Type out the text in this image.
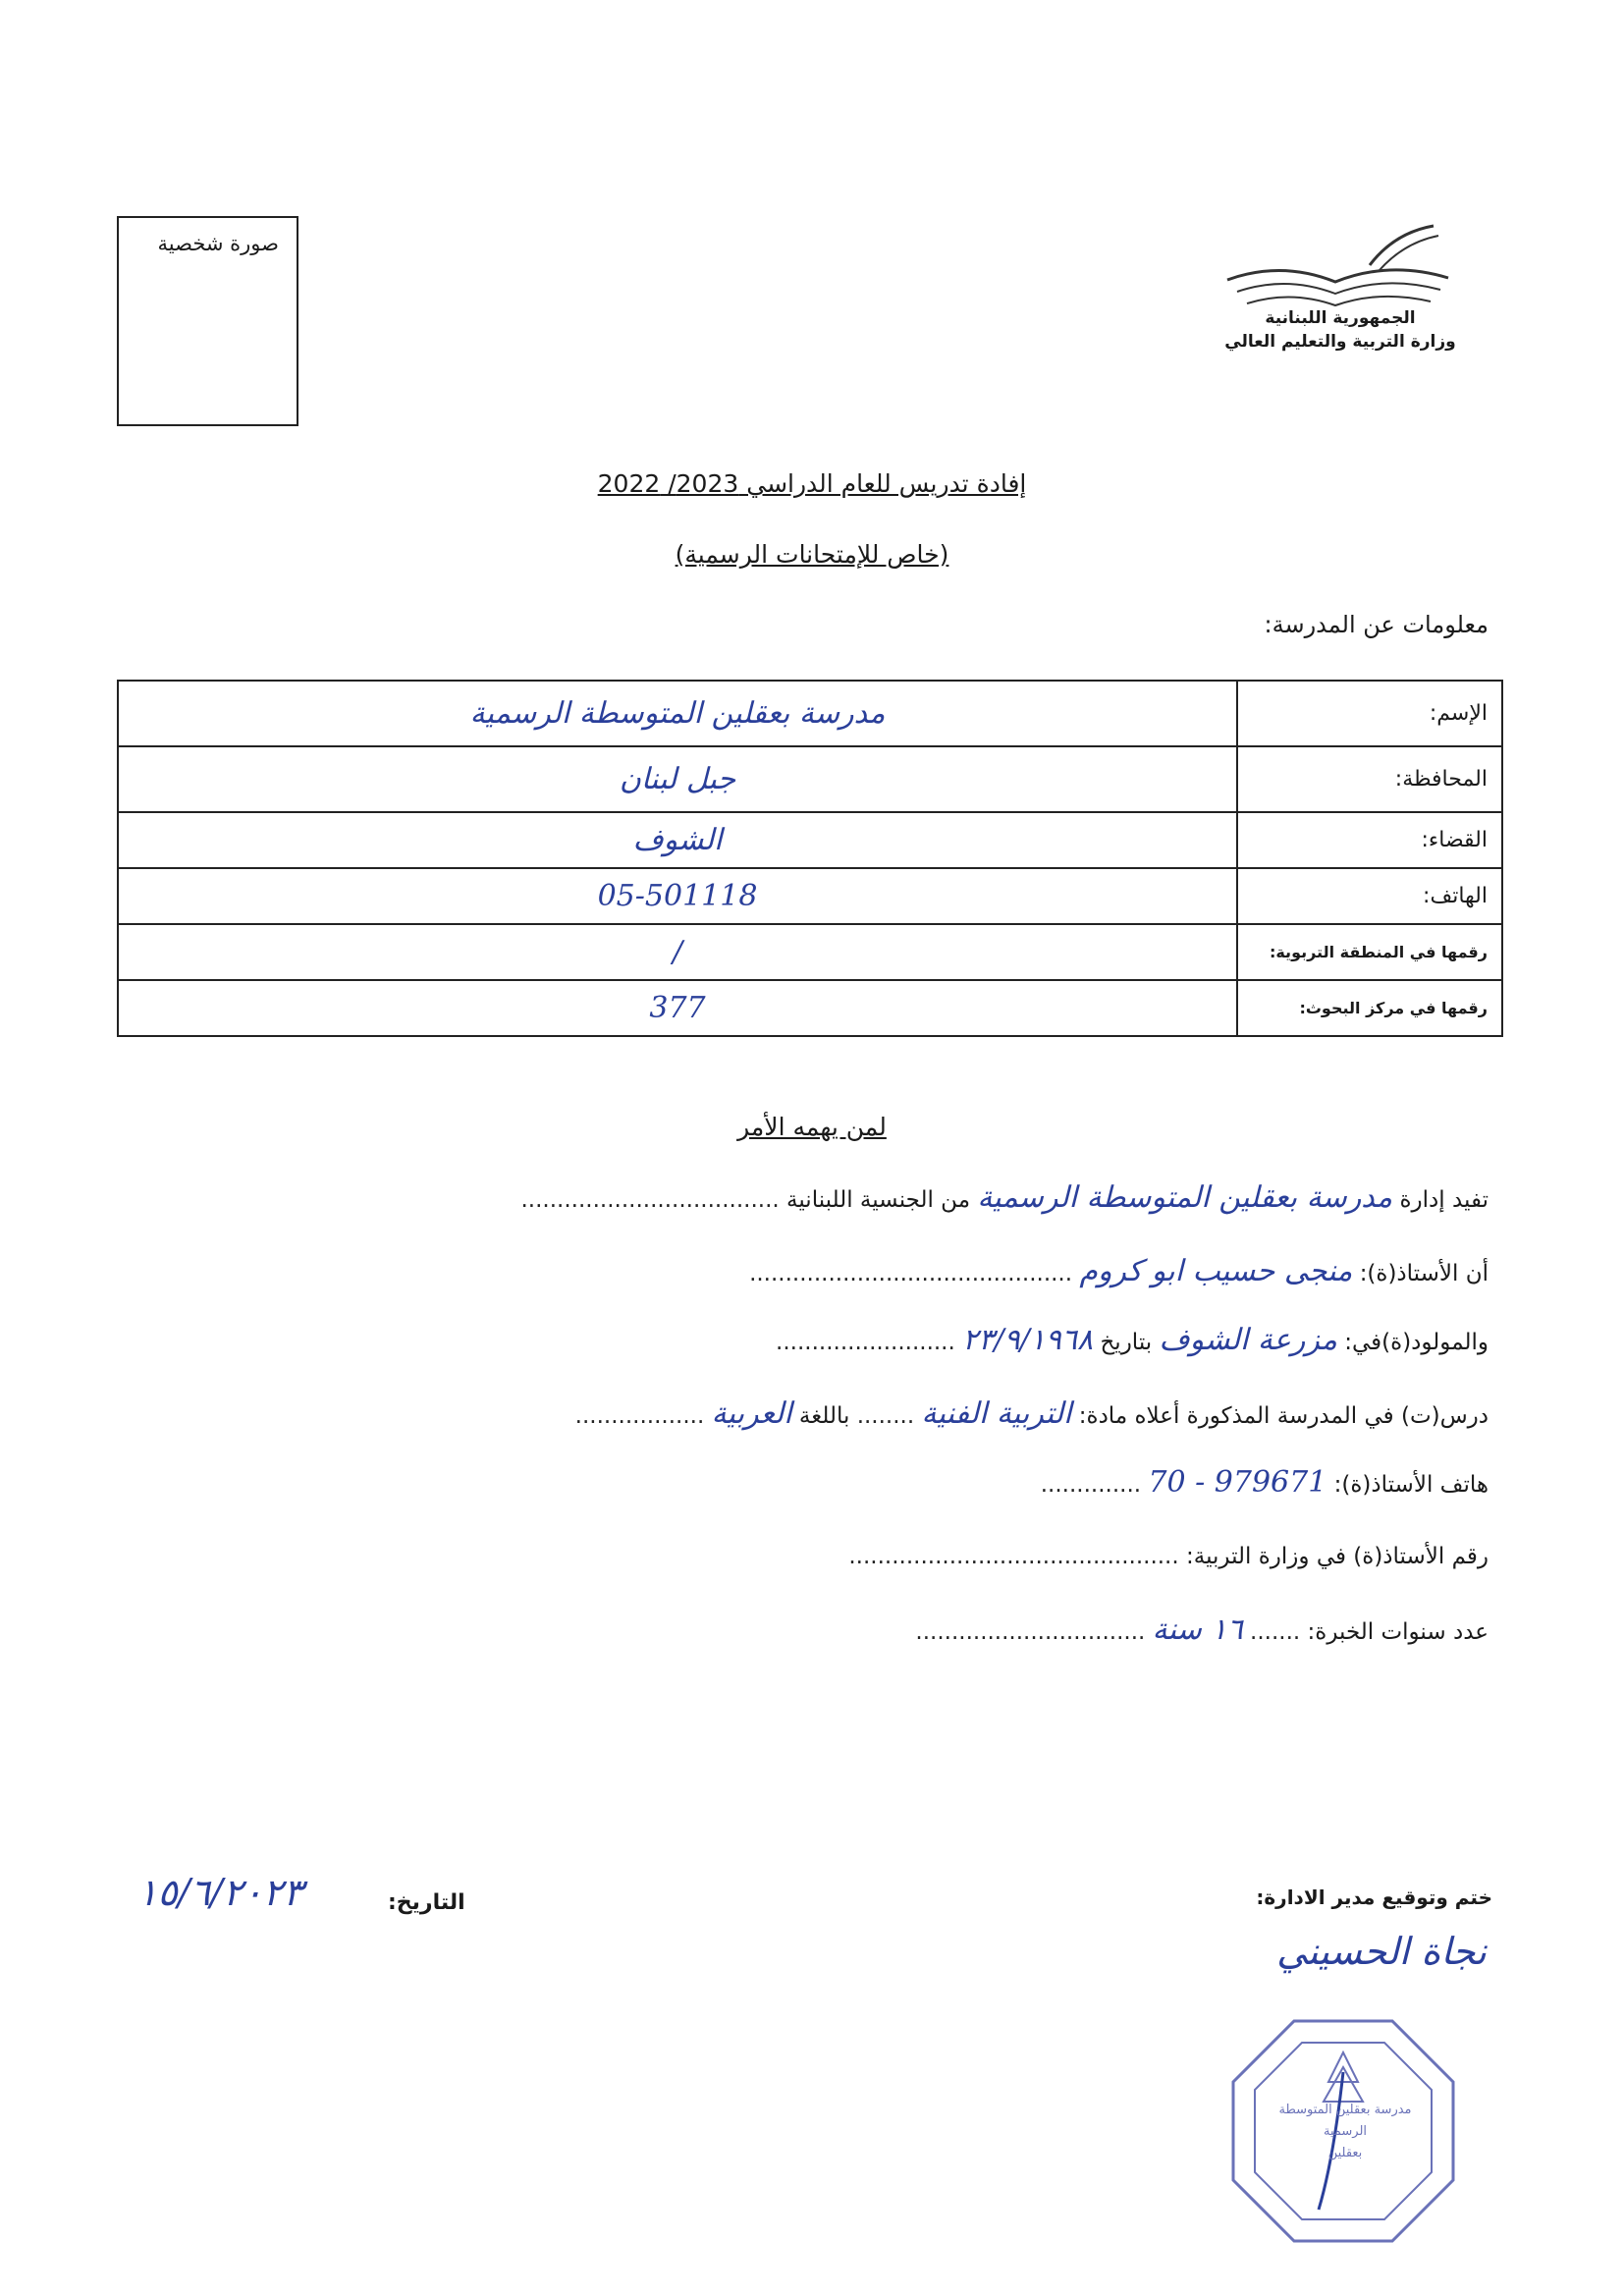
صورة شخصية
الجمهورية اللبنانية
وزارة التربية والتعليم العالي
إفادة تدريس للعام الدراسي 2023/ 2022
(خاص للإمتحانات الرسمية)
معلومات عن المدرسة:
الإسم:	مدرسة بعقلين المتوسطة الرسمية
المحافظة:	جبل لبنان
القضاء:	الشوف
الهاتف:	05-501118
رقمها في المنطقة التربوية:	/
رقمها في مركز البحوث:	377
لمن يهمه الأمر
تفيد إدارة مدرسة بعقلين المتوسطة الرسمية من الجنسية اللبنانية ....................................
أن الأستاذ(ة): منجى حسيب ابو كروم .............................................
والمولود(ة)في: مزرعة الشوف بتاريخ ٢٣/٩/١٩٦٨ .........................
درس(ت) في المدرسة المذكورة أعلاه مادة: التربية الفنية ........ باللغة العربية ..................
هاتف الأستاذ(ة): 70 - 979671 ..............
رقم الأستاذ(ة) في وزارة التربية: ..............................................
عدد سنوات الخبرة: ....... ١٦ سنة ................................
ختم وتوقيع مدير الادارة:
نجاة الحسيني
التاريخ:
١٥/٦/٢٠٢٣
مدرسة بعقلين المتوسطة
الرسمية
بعقلين
